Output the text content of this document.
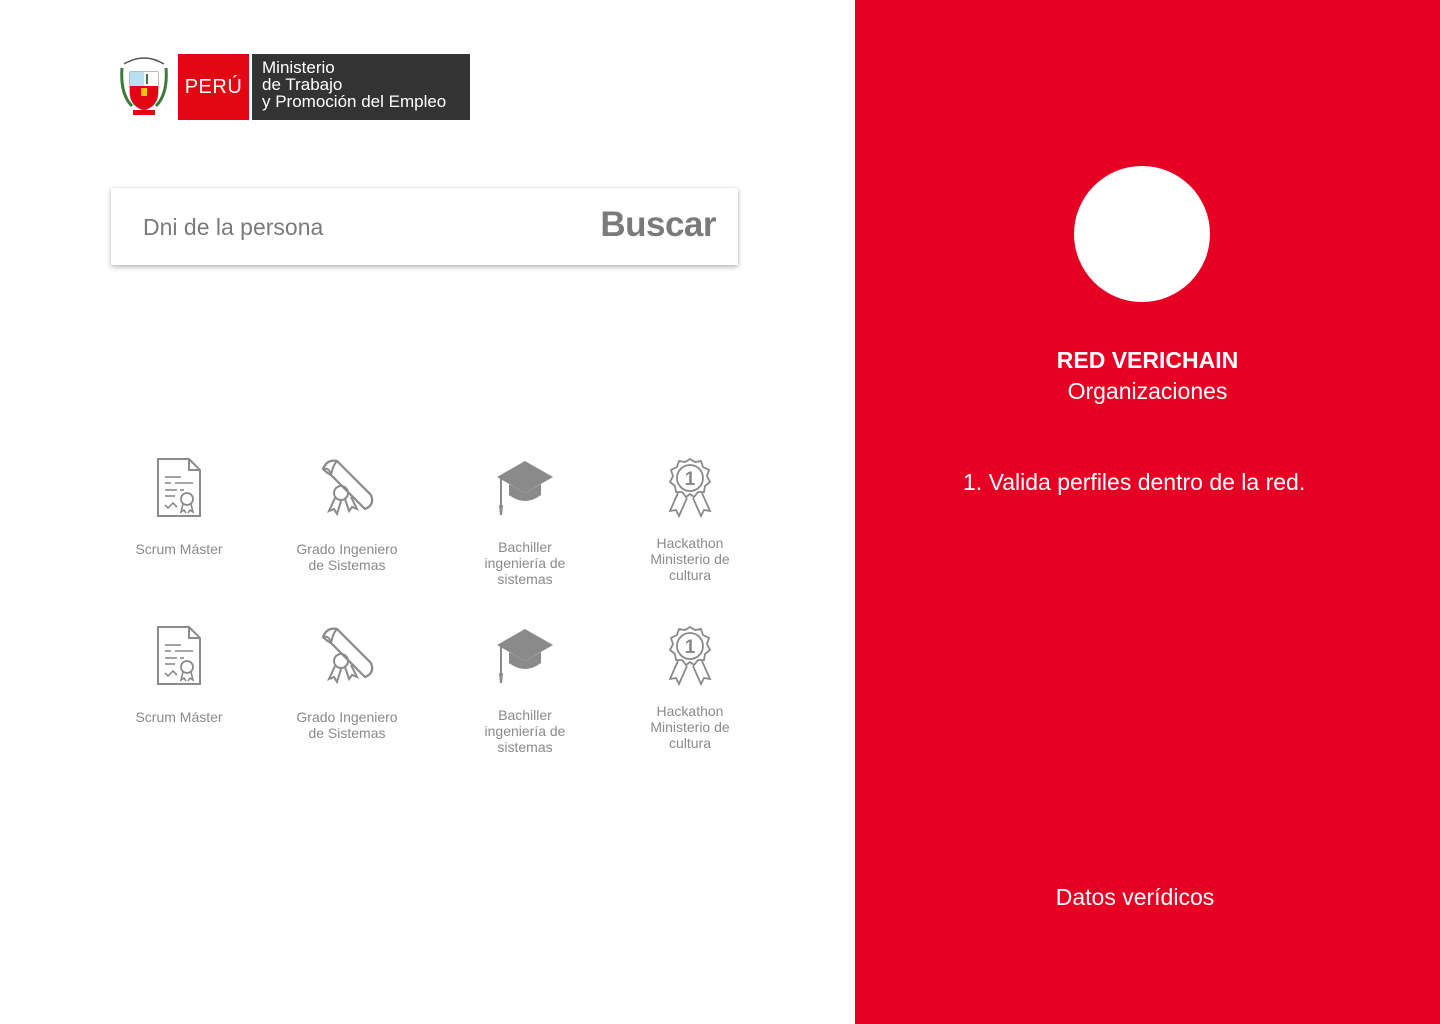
PERÚ
Ministerio
de Trabajo
y Promoción del Empleo
Dni de la persona
Buscar
Scrum Máster	Grado Ingeniero
de Sistemas
Bachiller
ingeniería de
sistemas
1
Hackathon
Ministerio de
cultura
Scrum Máster	Grado Ingeniero
de Sistemas
Bachiller
ingeniería de
sistemas
1
Hackathon
Ministerio de
cultura
RED VERICHAIN
Organizaciones
1. Valida perfiles dentro de la red.
Datos verídicos
